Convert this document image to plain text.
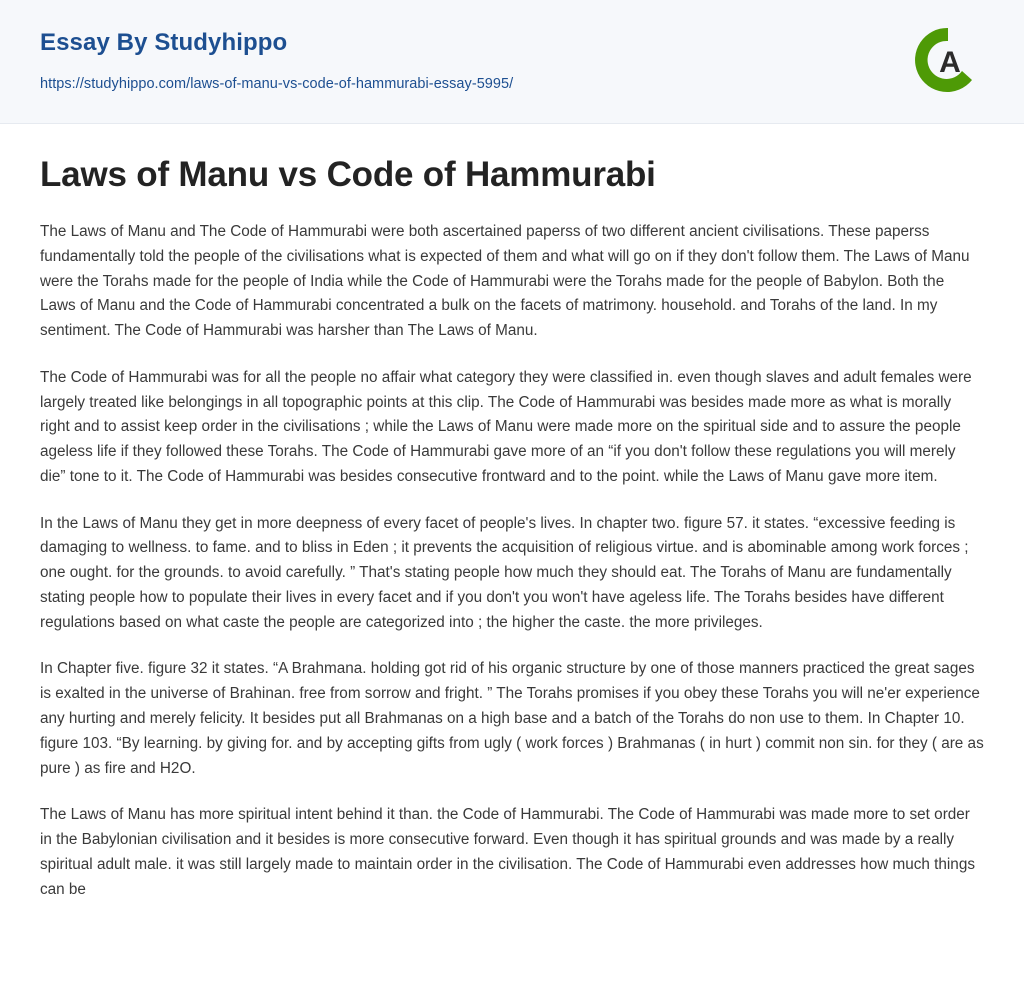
Essay By Studyhippo
https://studyhippo.com/laws-of-manu-vs-code-of-hammurabi-essay-5995/
A
Laws of Manu vs Code of Hammurabi

The Laws of Manu and The Code of Hammurabi were both ascertained paperss of two different ancient civilisations. These paperss fundamentally told the people of the civilisations what is expected of them and what will go on if they don't follow them. The Laws of Manu were the Torahs made for the people of India while the Code of Hammurabi were the Torahs made for the people of Babylon. Both the Laws of Manu and the Code of Hammurabi concentrated a bulk on the facets of matrimony. household. and Torahs of the land. In my sentiment. The Code of Hammurabi was harsher than The Laws of Manu.

The Code of Hammurabi was for all the people no affair what category they were classified in. even though slaves and adult females were largely treated like belongings in all topographic points at this clip. The Code of Hammurabi was besides made more as what is morally right and to assist keep order in the civilisations ; while the Laws of Manu were made more on the spiritual side and to assure the people ageless life if they followed these Torahs. The Code of Hammurabi gave more of an “if you don't follow these regulations you will merely die” tone to it. The Code of Hammurabi was besides consecutive frontward and to the point. while the Laws of Manu gave more item.

In the Laws of Manu they get in more deepness of every facet of people's lives. In chapter two. figure 57. it states. “excessive feeding is damaging to wellness. to fame. and to bliss in Eden ; it prevents the acquisition of religious virtue. and is abominable among work forces ; one ought. for the grounds. to avoid carefully. ” That's stating people how much they should eat. The Torahs of Manu are fundamentally stating people how to populate their lives in every facet and if you don't you won't have ageless life. The Torahs besides have different regulations based on what caste the people are categorized into ; the higher the caste. the more privileges.

In Chapter five. figure 32 it states. “A Brahmana. holding got rid of his organic structure by one of those manners practiced the great sages is exalted in the universe of Brahinan. free from sorrow and fright. ” The Torahs promises if you obey these Torahs you will ne'er experience any hurting and merely felicity. It besides put all Brahmanas on a high base and a batch of the Torahs do non use to them. In Chapter 10. figure 103. “By learning. by giving for. and by accepting gifts from ugly ( work forces ) Brahmanas ( in hurt ) commit non sin. for they ( are as pure ) as fire and H2O.

The Laws of Manu has more spiritual intent behind it than. the Code of Hammurabi. The Code of Hammurabi was made more to set order in the Babylonian civilisation and it besides is more consecutive forward. Even though it has spiritual grounds and was made by a really spiritual adult male. it was still largely made to maintain order in the civilisation. The Code of Hammurabi even addresses how much things can be
